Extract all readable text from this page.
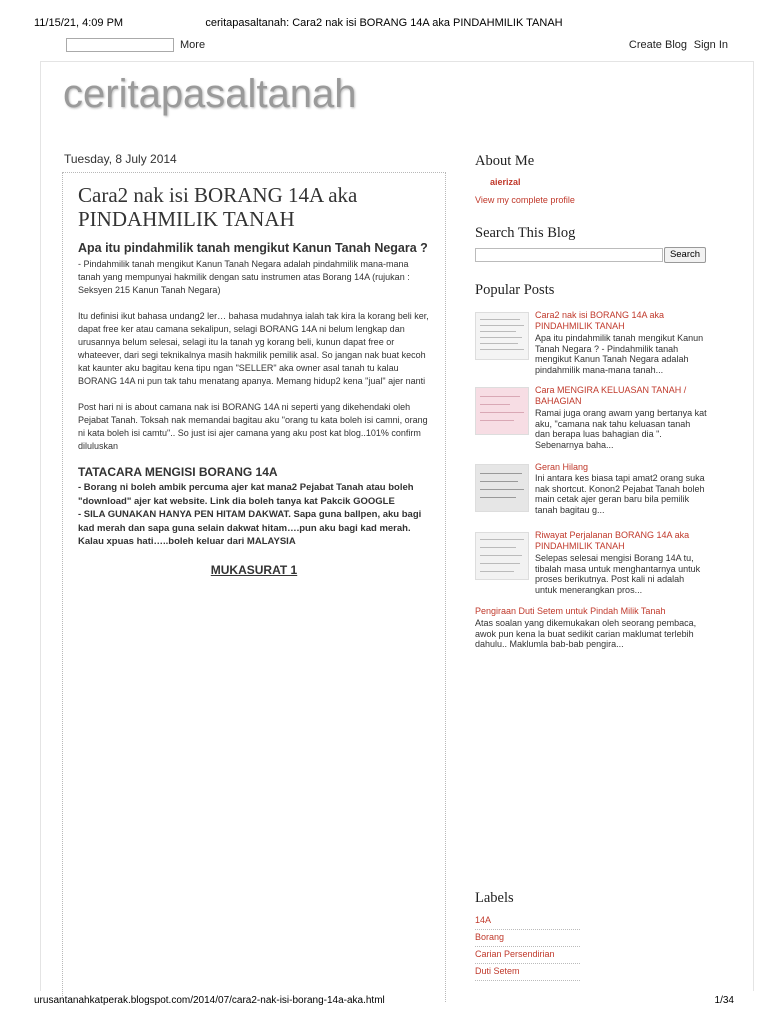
11/15/21, 4:09 PM	ceritapasaltanah: Cara2 nak isi BORANG 14A aka PINDAHMILIK TANAH
More	Create Blog Sign In
ceritapasaltanah
Tuesday, 8 July 2014
Cara2 nak isi BORANG 14A aka PINDAHMILIK TANAH
Apa itu pindahmilik tanah mengikut Kanun Tanah Negara ?

- Pindahmilik tanah mengikut Kanun Tanah Negara adalah pindahmilik mana-mana tanah yang mempunyai hakmilik dengan satu instrumen atas Borang 14A (rujukan : Seksyen 215 Kanun Tanah Negara)

Itu definisi ikut bahasa undang2 ler… bahasa mudahnya ialah tak kira la korang beli ker, dapat free ker atau camana sekalipun, selagi BORANG 14A ni belum lengkap dan urusannya belum selesai, selagi itu la tanah yg korang beli, kunun dapat free or whateever, dari segi teknikalnya masih hakmilik pemilik asal. So jangan nak buat kecoh kat kaunter aku bagitau kena tipu ngan "SELLER" aka owner asal tanah tu kalau BORANG 14A ni pun tak tahu menatang apanya. Memang hidup2 kena "jual" ajer nanti

Post hari ni is about camana nak isi BORANG 14A ni seperti yang dikehendaki oleh Pejabat Tanah. Toksah nak memandai bagitau aku "orang tu kata boleh isi camni, orang ni kata boleh isi camtu".. So just isi ajer camana yang aku post kat blog..101% confirm diluluskan

TATACARA MENGISI BORANG 14A

- Borang ni boleh ambik percuma ajer kat mana2 Pejabat Tanah atau boleh "download" ajer kat website. Link dia boleh tanya kat Pakcik GOOGLE
- SILA GUNAKAN HANYA PEN HITAM DAKWAT. Sapa guna ballpen, aku bagi kad merah dan sapa guna selain dakwat hitam….pun aku bagi kad merah. Kalau xpuas hati…..boleh keluar dari MALAYSIA

MUKASURAT 1
About Me
aierizal
View my complete profile
Search This Blog
Search
Popular Posts
Cara2 nak isi BORANG 14A aka PINDAHMILIK TANAH
Apa itu pindahmilik tanah mengikut Kanun Tanah Negara ? - Pindahmilik tanah mengikut Kanun Tanah Negara adalah pindahmilik mana-mana tanah...
Cara MENGIRA KELUASAN TANAH / BAHAGIAN
Ramai juga orang awam yang bertanya kat aku, "camana nak tahu keluasan tanah dan berapa luas bahagian dia ". Sebenarnya baha...
Geran Hilang
Ini antara kes biasa tapi amat2 orang suka nak shortcut. Konon2 Pejabat Tanah boleh main cetak ajer geran baru bila pemilik tanah bagitau g...
Riwayat Perjalanan BORANG 14A aka PINDAHMILIK TANAH
Selepas selesai mengisi Borang 14A tu, tibalah masa untuk menghantarnya untuk proses berikutnya. Post kali ni adalah untuk menerangkan pros...
Pengiraan Duti Setem untuk Pindah Milik Tanah
Atas soalan yang dikemukakan oleh seorang pembaca, awok pun kena la buat sedikit carian maklumat terlebih dahulu.. Maklumla bab-bab pengira...
Labels
14A
Borang
Carian Persendirian
Duti Setem
urusantanahkatperak.blogspot.com/2014/07/cara2-nak-isi-borang-14a-aka.html	1/34
